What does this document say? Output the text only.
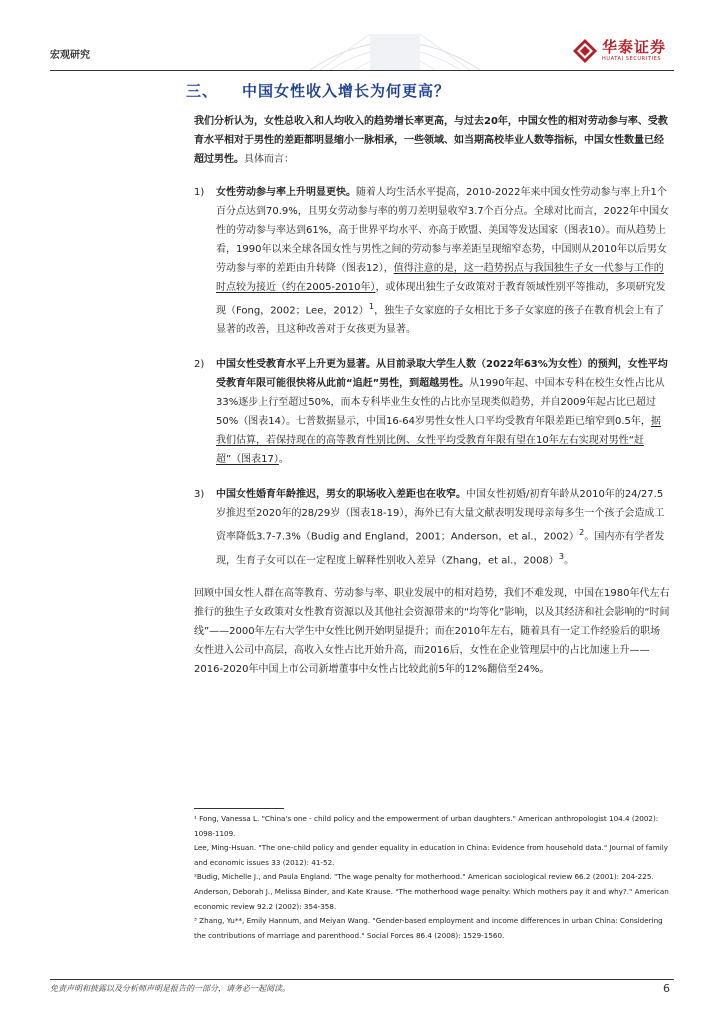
宏观研究	华泰证券
HUATAI SECURITIES
三、 中国女性收入增长为何更高？

我们分析认为，女性总收入和人均收入的趋势增长率更高，与过去20年，中国女性的相对劳动参与率、受教育水平相对于男性的差距都明显缩小一脉相承，一些领域、如当期高校毕业人数等指标，中国女性数量已经超过男性。具体而言：

1)	女性劳动参与率上升明显更快。随着人均生活水平提高，2010-2022年来中国女性劳动参与率上升1个百分点达到70.9%，且男女劳动参与率的剪刀差明显收窄3.7个百分点。全球对比而言，2022年中国女性的劳动参与率达到61%，高于世界平均水平、亦高于欧盟、美国等发达国家（图表10）。而从趋势上看，1990年以来全球各国女性与男性之间的劳动参与率差距呈现缩窄态势，中国则从2010年以后男女劳动参与率的差距由升转降（图表12），值得注意的是，这一趋势拐点与我国独生子女一代参与工作的时点较为接近（约在2005-2010年），或体现出独生子女政策对于教育领域性别平等推动，多项研究发现（Fong，2002；Lee，2012）$^1$，独生子女家庭的子女相比于多子女家庭的孩子在教育机会上有了显著的改善，且这种改善对于女孩更为显著。

2)	中国女性受教育水平上升更为显著。从目前录取大学生人数（2022年63%为女性）的预判，女性平均受教育年限可能很快将从此前“追赶”男性，到超越男性。从1990年起、中国本专科在校生女性占比从33%逐步上行至超过50%，而本专科毕业生女性的占比亦呈现类似趋势，并自2009年起占比已超过50%（图表14）。七普数据显示，中国16-64岁男性女性人口平均受教育年限差距已缩窄到0.5年，据我们估算，若保持现在的高等教育性别比例、女性平均受教育年限有望在10年左右实现对男性“赶超”（图表17）。

3)	中国女性婚育年龄推迟，男女的职场收入差距也在收窄。中国女性初婚/初育年龄从2010年的24/27.5岁推迟至2020年的28/29岁（图表18-19），海外已有大量文献表明发现母亲每多生一个孩子会造成工资率降低3.7-7.3%（Budig and England，2001；Anderson，et al.，2002）$^2$。国内亦有学者发现，生育子女可以在一定程度上解释性别收入差异（Zhang，et al.，2008）$^3$。

回顾中国女性人群在高等教育、劳动参与率、职业发展中的相对趋势，我们不难发现，中国在1980年代左右推行的独生子女政策对女性教育资源以及其他社会资源带来的“均等化”影响，以及其经济和社会影响的“时间线”——2000年左右大学生中女性比例开始明显提升；而在2010年左右，随着具有一定工作经验后的职场女性进入公司中高层，高收入女性占比开始升高，而2016后，女性在企业管理层中的占比加速上升——2016-2020年中国上市公司新增董事中女性占比较此前5年的12%翻倍至24%。

¹ Fong, Vanessa L. "China's one - child policy and the empowerment of urban daughters." American anthropologist 104.4 (2002): 1098-1109.

Lee, Ming-Hsuan. "The one-child policy and gender equality in education in China: Evidence from household data." Journal of family and economic issues 33 (2012): 41-52.

²Budig, Michelle J., and Paula England. "The wage penalty for motherhood." American sociological review 66.2 (2001): 204-225.

Anderson, Deborah J., Melissa Binder, and Kate Krause. "The motherhood wage penalty: Which mothers pay it and why?." American economic review 92.2 (2002): 354-358.

³ Zhang, Yu**, Emily Hannum, and Meiyan Wang. "Gender-based employment and income differences in urban China: Considering the contributions of marriage and parenthood." Social Forces 86.4 (2008): 1529-1560.

免责声明和披露以及分析师声明是报告的一部分，请务必一起阅读。	6
